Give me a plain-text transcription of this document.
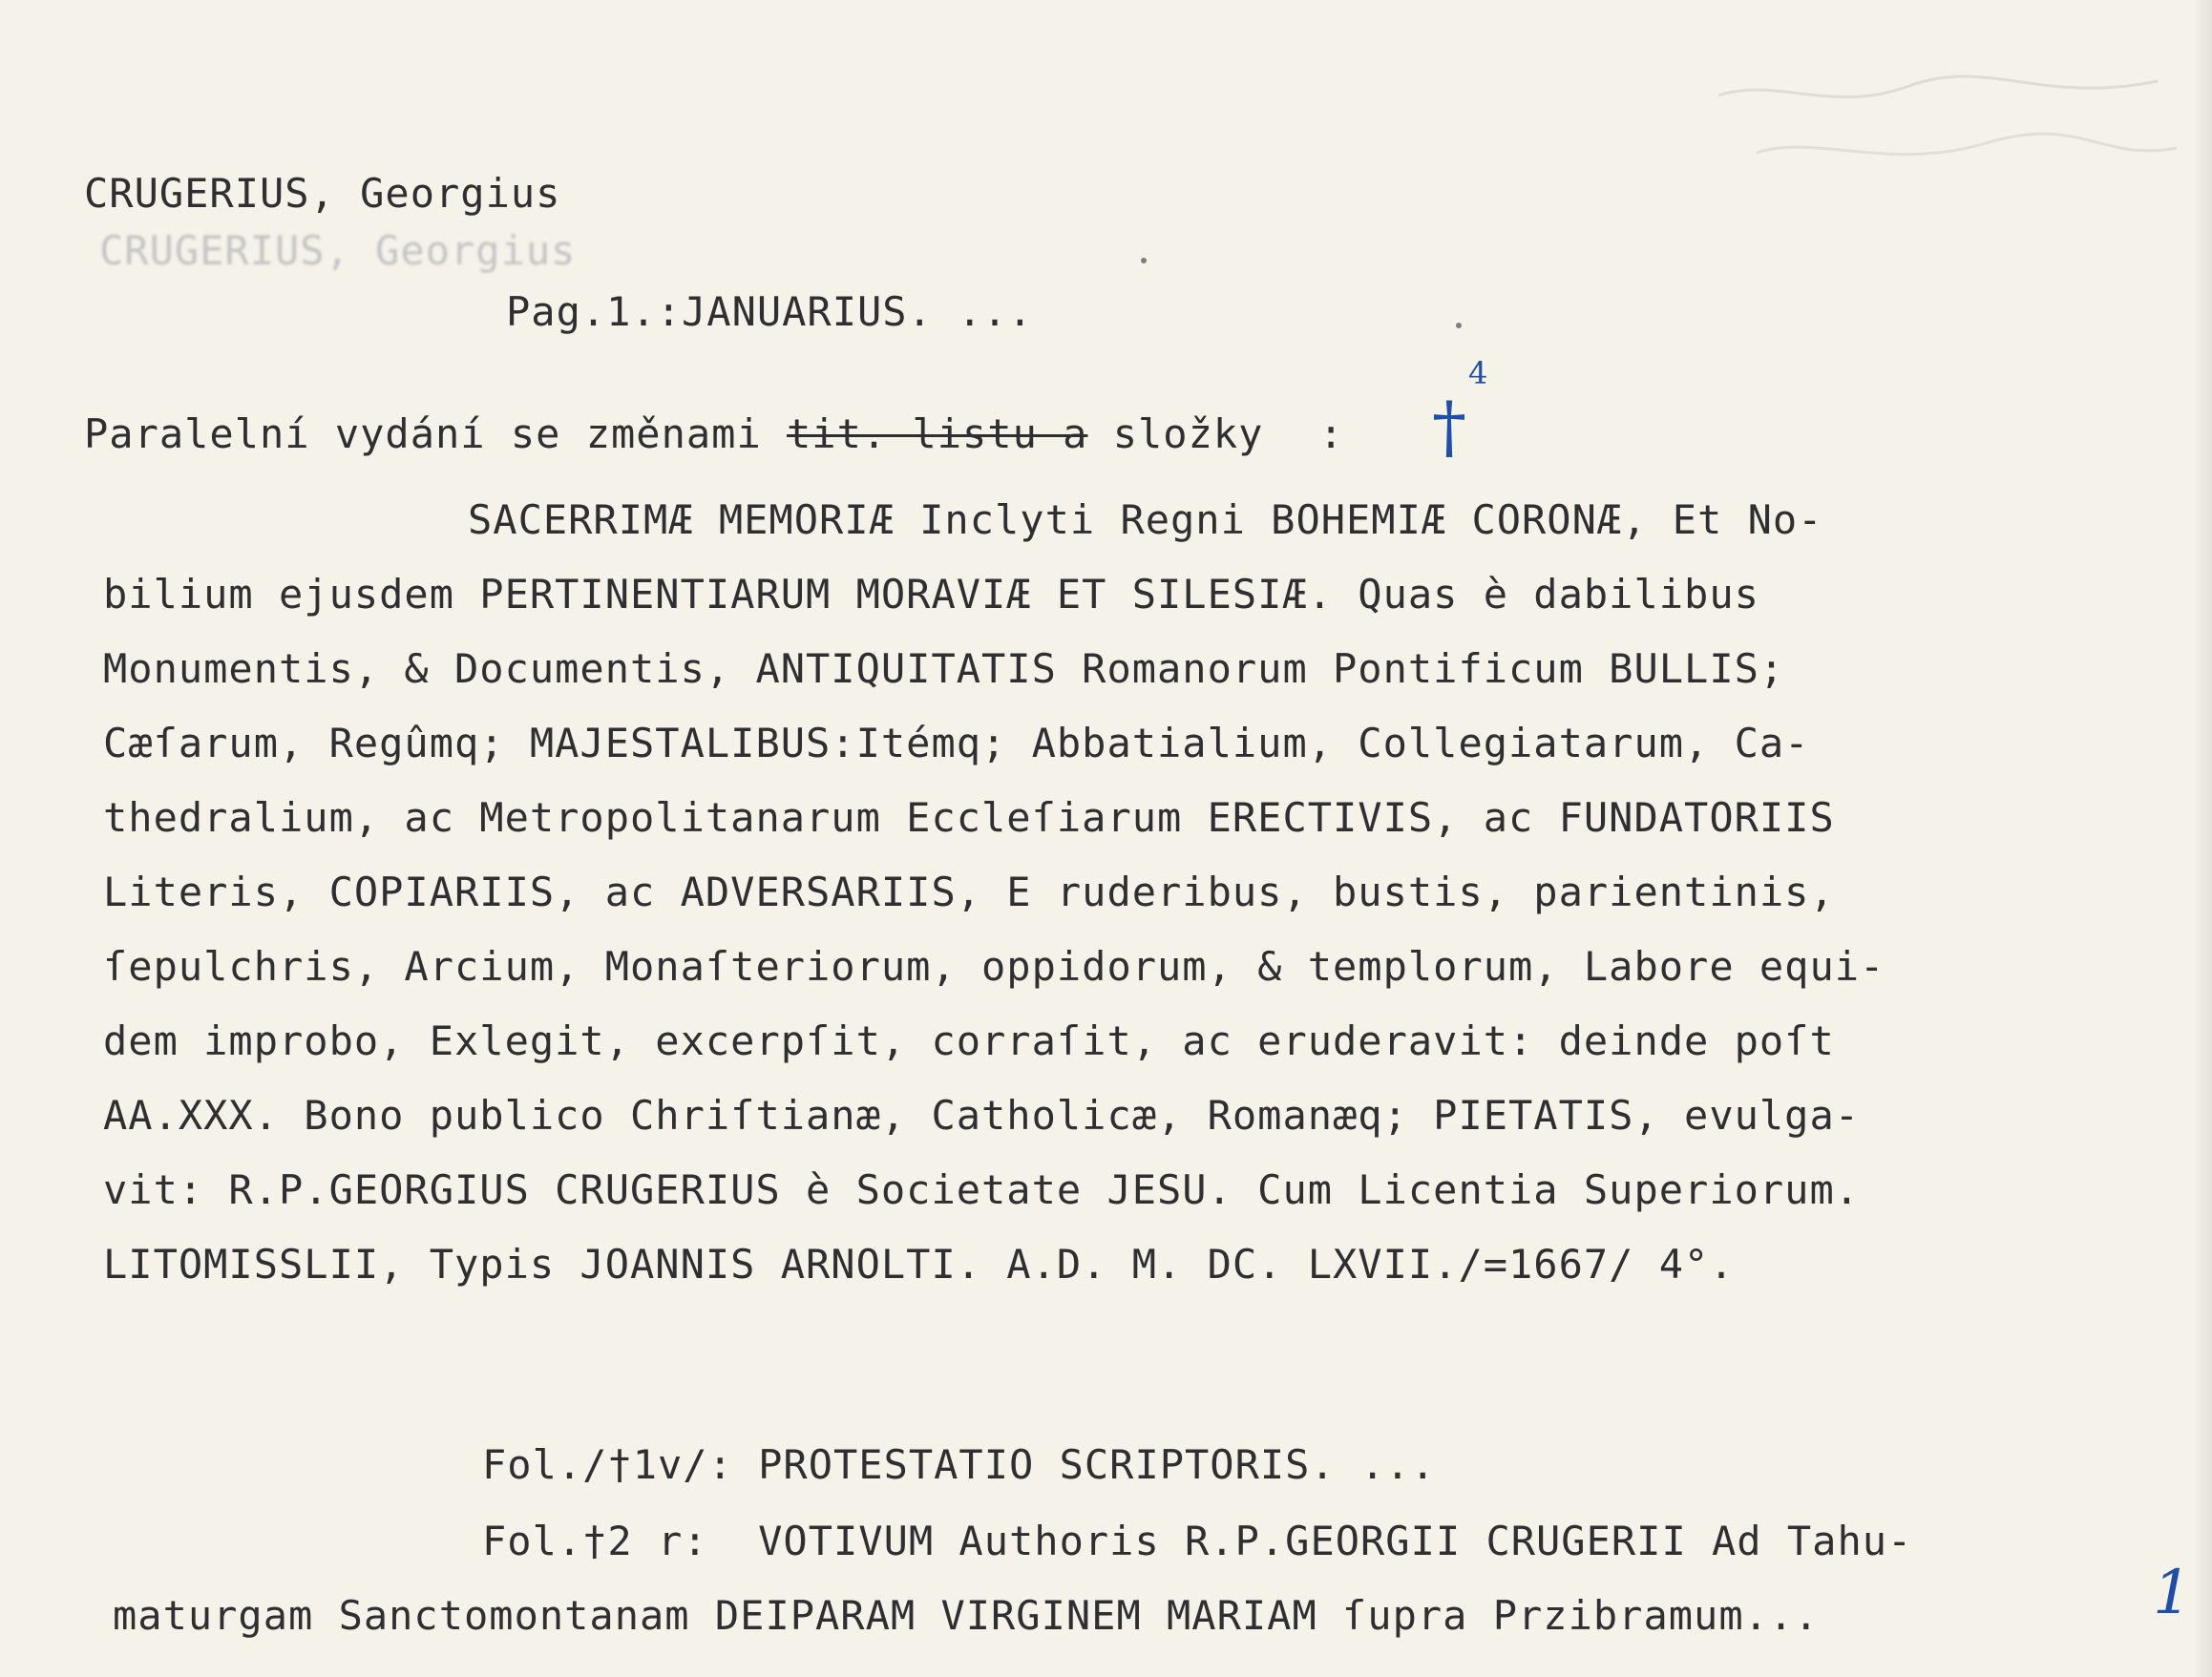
CRUGERIUS, Georgius
CRUGERIUS, Georgius
Pag.1.:JANUARIUS. ...
Paralelní vydání se změnami tit. listu a složky : †
4
SACERRIMÆ MEMORIÆ Inclyti Regni BOHEMIÆ CORONÆ, Et No-
bilium ejusdem PERTINENTIARUM MORAVIÆ ET SILESIÆ. Quas è dabilibus
Monumentis, & Documentis, ANTIQUITATIS Romanorum Pontificum BULLIS;
Cæſarum, Regûmq; MAJESTALIBUS:Itémq; Abbatialium, Collegiatarum, Ca-
thedralium, ac Metropolitanarum Eccleſiarum ERECTIVIS, ac FUNDATORIIS
Literis, COPIARIIS, ac ADVERSARIIS, E ruderibus, bustis, parientinis,
ſepulchris, Arcium, Monaſteriorum, oppidorum, & templorum, Labore equi-
dem improbo, Exlegit, excerpſit, corraſit, ac eruderavit: deinde poſt
AA.XXX. Bono publico Chriſtianæ, Catholicæ, Romanæq; PIETATIS, evulga-
vit: R.P.GEORGIUS CRUGERIUS è Societate JESU. Cum Licentia Superiorum.
LITOMISSLII, Typis JOANNIS ARNOLTI. A.D. M. DC. LXVII./=1667/ 4°.
Fol./†1v/: PROTESTATIO SCRIPTORIS. ...
Fol.†2 r:  VOTIVUM Authoris R.P.GEORGII CRUGERII Ad Tahu-
maturgam Sanctomontanam DEIPARAM VIRGINEM MARIAM ſupra Przibramum...	1
